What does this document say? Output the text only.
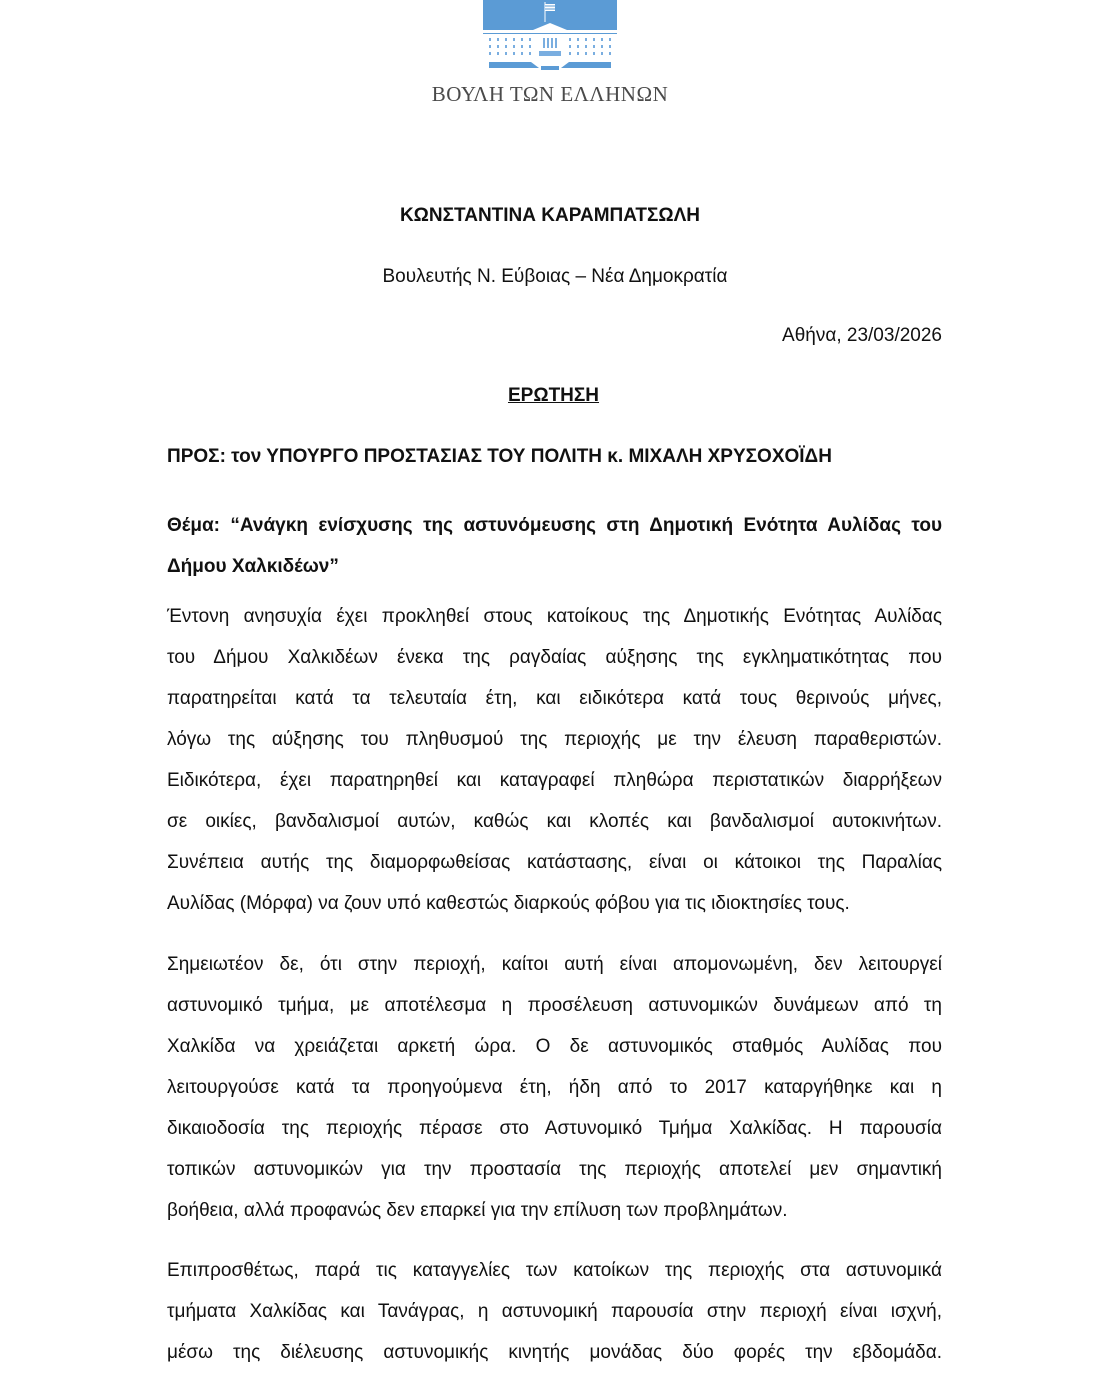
ΒΟΥΛΗ ΤΩΝ ΕΛΛΗΝΩΝ
ΚΩΝΣΤΑΝΤΙΝΑ ΚΑΡΑΜΠΑΤΣΩΛΗ
Βουλευτής Ν. Εύβοιας – Νέα Δημοκρατία
Αθήνα, 23/03/2026
ΕΡΩΤΗΣΗ
ΠΡΟΣ: τον ΥΠΟΥΡΓΟ ΠΡΟΣΤΑΣΙΑΣ ΤΟΥ ΠΟΛΙΤΗ κ. ΜΙΧΑΛΗ ΧΡΥΣΟΧΟΪΔΗ

Θέμα: “Ανάγκη ενίσχυσης της αστυνόμευσης στη Δημοτική Ενότητα Αυλίδας του Δήμου Χαλκιδέων”

Έντονη ανησυχία έχει προκληθεί στους κατοίκους της Δημοτικής Ενότητας Αυλίδας
του Δήμου Χαλκιδέων ένεκα της ραγδαίας αύξησης της εγκληματικότητας που
παρατηρείται κατά τα τελευταία έτη, και ειδικότερα κατά τους θερινούς μήνες,
λόγω της αύξησης του πληθυσμού της περιοχής με την έλευση παραθεριστών.
Ειδικότερα, έχει παρατηρηθεί και καταγραφεί πληθώρα περιστατικών διαρρήξεων
σε οικίες, βανδαλισμοί αυτών, καθώς και κλοπές και βανδαλισμοί αυτοκινήτων.
Συνέπεια αυτής της διαμορφωθείσας κατάστασης, είναι οι κάτοικοι της Παραλίας
Αυλίδας (Μόρφα) να ζουν υπό καθεστώς διαρκούς φόβου για τις ιδιοκτησίες τους.
Σημειωτέον δε, ότι στην περιοχή, καίτοι αυτή είναι απομονωμένη, δεν λειτουργεί
αστυνομικό τμήμα, με αποτέλεσμα η προσέλευση αστυνομικών δυνάμεων από τη
Χαλκίδα να χρειάζεται αρκετή ώρα. Ο δε αστυνομικός σταθμός Αυλίδας που
λειτουργούσε κατά τα προηγούμενα έτη, ήδη από το 2017 καταργήθηκε και η
δικαιοδοσία της περιοχής πέρασε στο Αστυνομικό Τμήμα Χαλκίδας. Η παρουσία
τοπικών αστυνομικών για την προστασία της περιοχής αποτελεί μεν σημαντική
βοήθεια, αλλά προφανώς δεν επαρκεί για την επίλυση των προβλημάτων.
Επιπροσθέτως, παρά τις καταγγελίες των κατοίκων της περιοχής στα αστυνομικά
τμήματα Χαλκίδας και Τανάγρας, η αστυνομική παρουσία στην περιοχή είναι ισχνή,
μέσω της διέλευσης αστυνομικής κινητής μονάδας δύο φορές την εβδομάδα.
